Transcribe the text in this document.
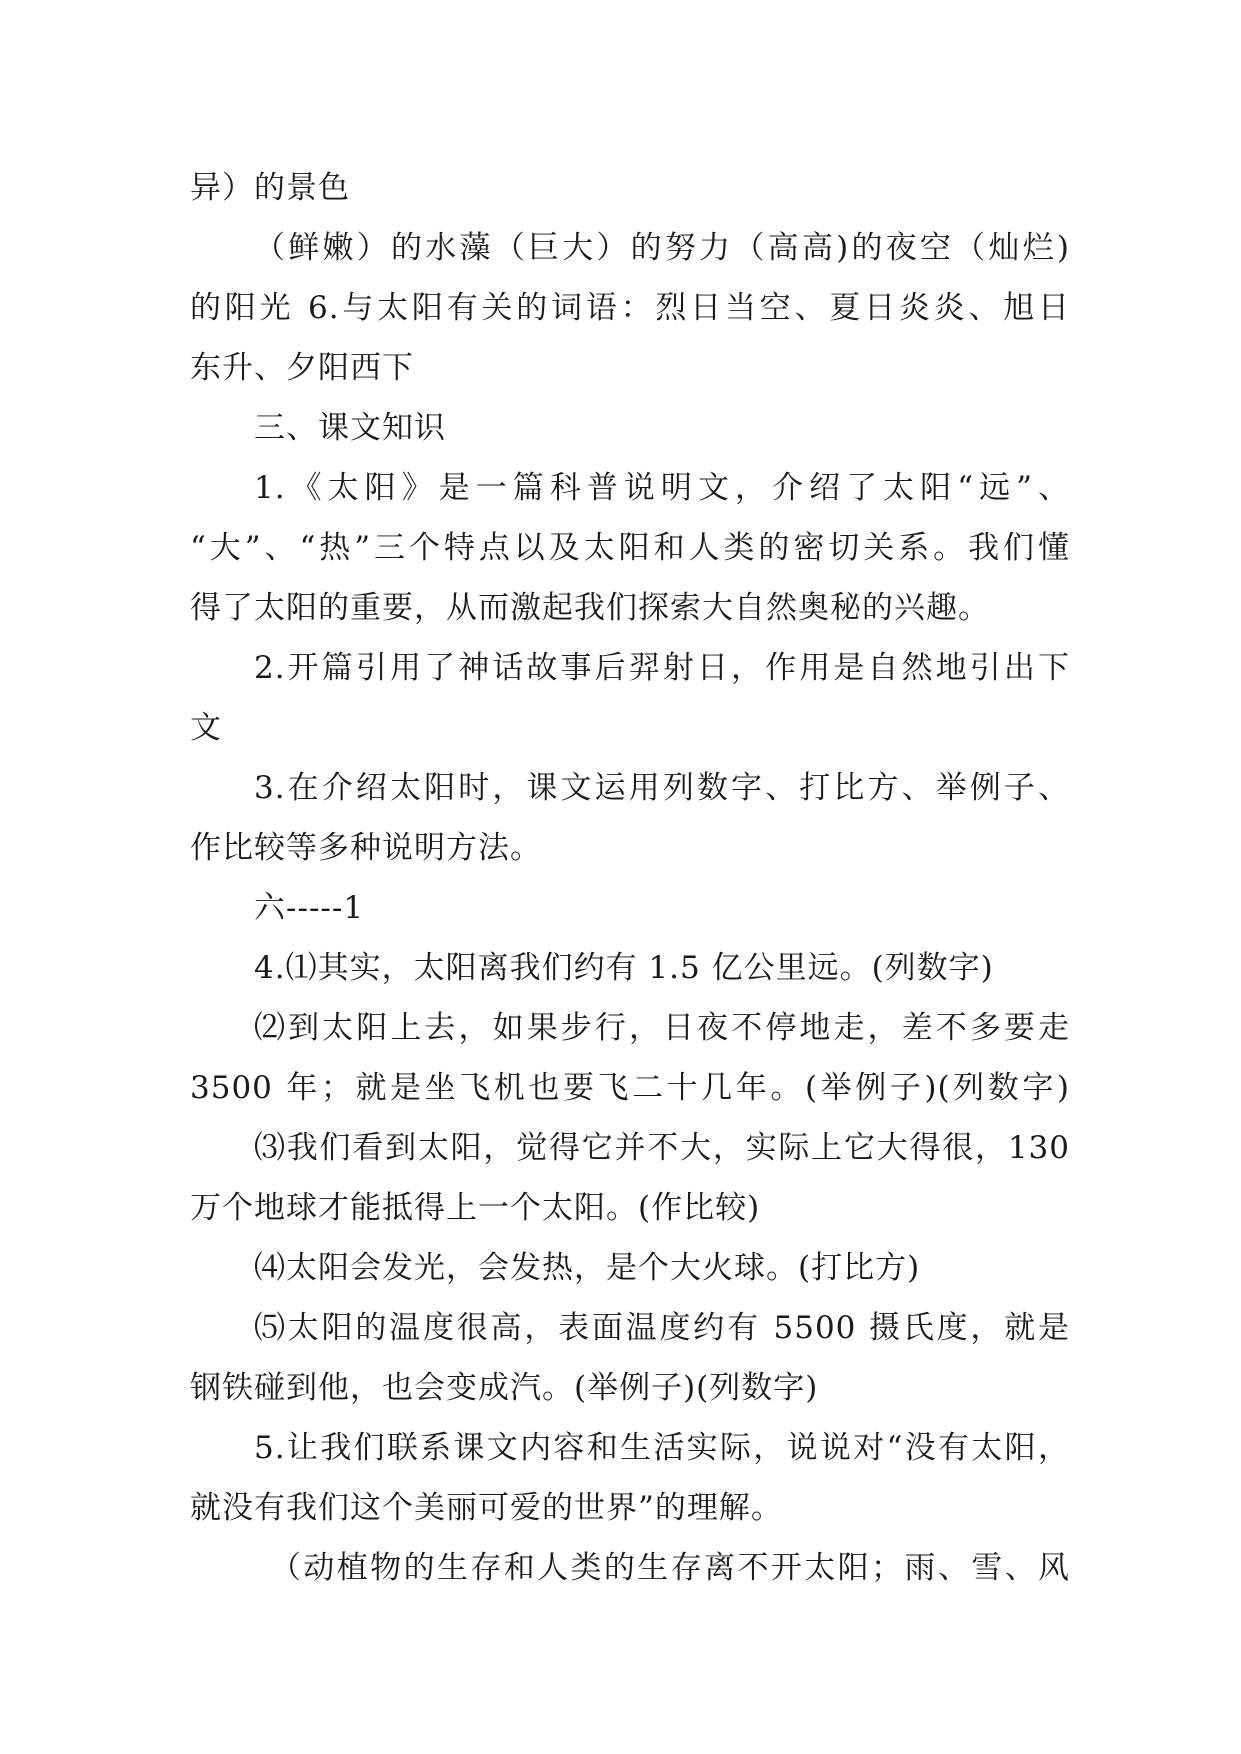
异）的景色
（鲜嫩）的水藻（巨大）的努力（高高)的夜空（灿烂)
的阳光 6.与太阳有关的词语：烈日当空、夏日炎炎、旭日
东升、夕阳西下
三、课文知识
1.《太阳》是一篇科普说明文，介绍了太阳“远”、
“大”、“热”三个特点以及太阳和人类的密切关系。我们懂
得了太阳的重要，从而激起我们探索大自然奥秘的兴趣。
2.开篇引用了神话故事后羿射日，作用是自然地引出下
文
3.在介绍太阳时，课文运用列数字、打比方、举例子、
作比较等多种说明方法。
六-----1
4.⑴其实，太阳离我们约有 1.5 亿公里远。(列数字)
⑵到太阳上去，如果步行，日夜不停地走，差不多要走
3500 年；就是坐飞机也要飞二十几年。(举例子)(列数字)
⑶我们看到太阳，觉得它并不大，实际上它大得很，130
万个地球才能抵得上一个太阳。(作比较)
⑷太阳会发光，会发热，是个大火球。(打比方)
⑸太阳的温度很高，表面温度约有 5500 摄氏度，就是
钢铁碰到他，也会变成汽。(举例子)(列数字)
5.让我们联系课文内容和生活实际，说说对“没有太阳，
就没有我们这个美丽可爱的世界”的理解。
（动植物的生存和人类的生存离不开太阳；雨、雪、风
